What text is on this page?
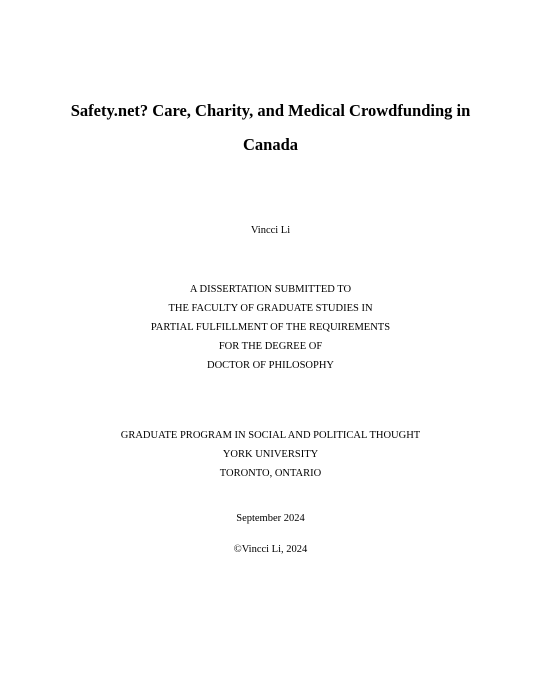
Safety.net? Care, Charity, and Medical Crowdfunding in
Canada
Vincci Li
A DISSERTATION SUBMITTED TO
THE FACULTY OF GRADUATE STUDIES IN
PARTIAL FULFILLMENT OF THE REQUIREMENTS
FOR THE DEGREE OF
DOCTOR OF PHILOSOPHY
GRADUATE PROGRAM IN SOCIAL AND POLITICAL THOUGHT
YORK UNIVERSITY
TORONTO, ONTARIO
September 2024
©Vincci Li, 2024
